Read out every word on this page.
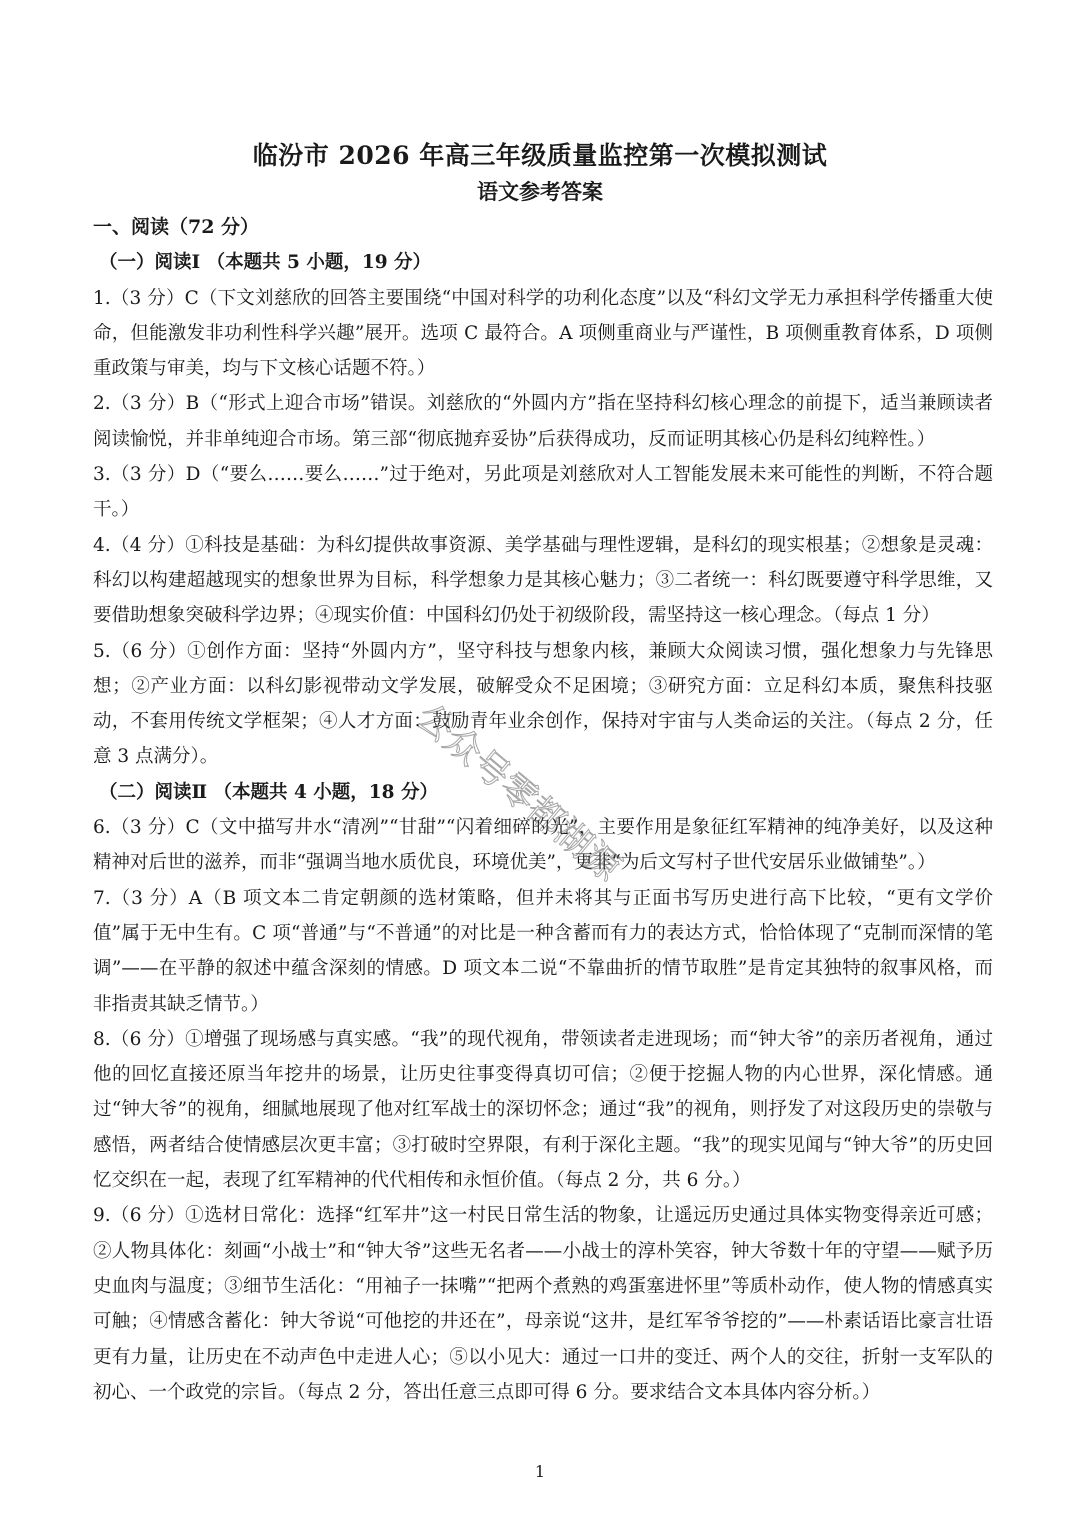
临汾市 2026 年高三年级质量监控第一次模拟测试
语文参考答案

一、阅读（72 分）

（一）阅读Ⅰ （本题共 5 小题，19 分）

1.（3 分）C（下文刘慈欣的回答主要围绕“中国对科学的功利化态度”以及“科幻文学无力承担科学传播重大使命，但能激发非功利性科学兴趣”展开。选项 C 最符合。A 项侧重商业与严谨性，B 项侧重教育体系，D 项侧重政策与审美，均与下文核心话题不符。）

2.（3 分）B（“形式上迎合市场”错误。刘慈欣的“外圆内方”指在坚持科幻核心理念的前提下，适当兼顾读者阅读愉悦，并非单纯迎合市场。第三部“彻底抛弃妥协”后获得成功，反而证明其核心仍是科幻纯粹性。）

3.（3 分）D（“要么……要么……”过于绝对，另此项是刘慈欣对人工智能发展未来可能性的判断，不符合题干。）

4.（4 分）①科技是基础：为科幻提供故事资源、美学基础与理性逻辑，是科幻的现实根基；②想象是灵魂：科幻以构建超越现实的想象世界为目标，科学想象力是其核心魅力；③二者统一：科幻既要遵守科学思维，又要借助想象突破科学边界；④现实价值：中国科幻仍处于初级阶段，需坚持这一核心理念。（每点 1 分）

5.（6 分）①创作方面：坚持“外圆内方”，坚守科技与想象内核，兼顾大众阅读习惯，强化想象力与先锋思想；②产业方面：以科幻影视带动文学发展，破解受众不足困境；③研究方面：立足科幻本质，聚焦科技驱动，不套用传统文学框架；④人才方面：鼓励青年业余创作，保持对宇宙与人类命运的关注。（每点 2 分，任意 3 点满分）。

（二）阅读Ⅱ （本题共 4 小题，18 分）

6.（3 分）C（文中描写井水“清冽”“甘甜”“闪着细碎的光”，主要作用是象征红军精神的纯净美好，以及这种精神对后世的滋养，而非“强调当地水质优良，环境优美”，更非“为后文写村子世代安居乐业做铺垫”。）

7.（3 分）A（B 项文本二肯定朝颜的选材策略，但并未将其与正面书写历史进行高下比较，“更有文学价值”属于无中生有。C 项“普通”与“不普通”的对比是一种含蓄而有力的表达方式，恰恰体现了“克制而深情的笔调”——在平静的叙述中蕴含深刻的情感。D 项文本二说“不靠曲折的情节取胜”是肯定其独特的叙事风格，而非指责其缺乏情节。）

8.（6 分）①增强了现场感与真实感。“我”的现代视角，带领读者走进现场；而“钟大爷”的亲历者视角，通过他的回忆直接还原当年挖井的场景，让历史往事变得真切可信；②便于挖掘人物的内心世界，深化情感。通过“钟大爷”的视角，细腻地展现了他对红军战士的深切怀念；通过“我”的视角，则抒发了对这段历史的崇敬与感悟，两者结合使情感层次更丰富；③打破时空界限，有利于深化主题。“我”的现实见闻与“钟大爷”的历史回忆交织在一起，表现了红军精神的代代相传和永恒价值。（每点 2 分，共 6 分。）

9.（6 分）①选材日常化：选择“红军井”这一村民日常生活的物象，让遥远历史通过具体实物变得亲近可感；②人物具体化：刻画“小战士”和“钟大爷”这些无名者——小战士的淳朴笑容，钟大爷数十年的守望——赋予历史血肉与温度；③细节生活化：“用袖子一抹嘴”“把两个煮熟的鸡蛋塞进怀里”等质朴动作，使人物的情感真实可触；④情感含蓄化：钟大爷说“可他挖的井还在”，母亲说“这井，是红军爷爷挖的”——朴素话语比豪言壮语更有力量，让历史在不动声色中走进人心；⑤以小见大：通过一口井的变迁、两个人的交往，折射一支军队的初心、一个政党的宗旨。（每点 2 分，答出任意三点即可得 6 分。要求结合文本具体内容分析。）

公众号零都湖源
1
